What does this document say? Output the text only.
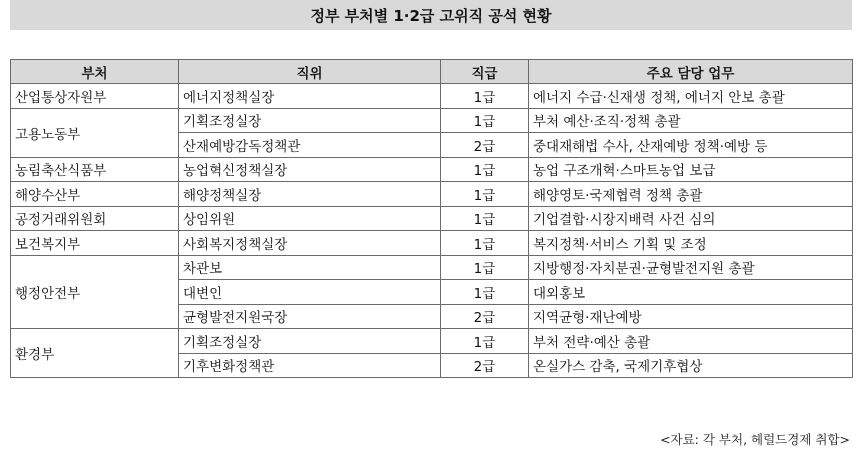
정부 부처별 1·2급 고위직 공석 현황
부처	직위	직급	주요 담당 업무
산업통상자원부	에너지정책실장	1급	에너지 수급·신재생 정책, 에너지 안보 총괄
고용노동부	기획조정실장	1급	부처 예산·조직·정책 총괄
	산재예방감독정책관	2급	중대재해법 수사, 산재예방 정책·예방 등
농림축산식품부	농업혁신정책실장	1급	농업 구조개혁·스마트농업 보급
해양수산부	해양정책실장	1급	해양영토·국제협력 정책 총괄
공정거래위원회	상임위원	1급	기업결합·시장지배력 사건 심의
보건복지부	사회복지정책실장	1급	복지정책·서비스 기획 및 조정
행정안전부	차관보	1급	지방행정·자치분권·균형발전지원 총괄
	대변인	1급	대외홍보
	균형발전지원국장	2급	지역균형·재난예방
환경부	기획조정실장	1급	부처 전략·예산 총괄
	기후변화정책관	2급	온실가스 감축, 국제기후협상
<자료: 각 부처, 헤럴드경제 취합>
